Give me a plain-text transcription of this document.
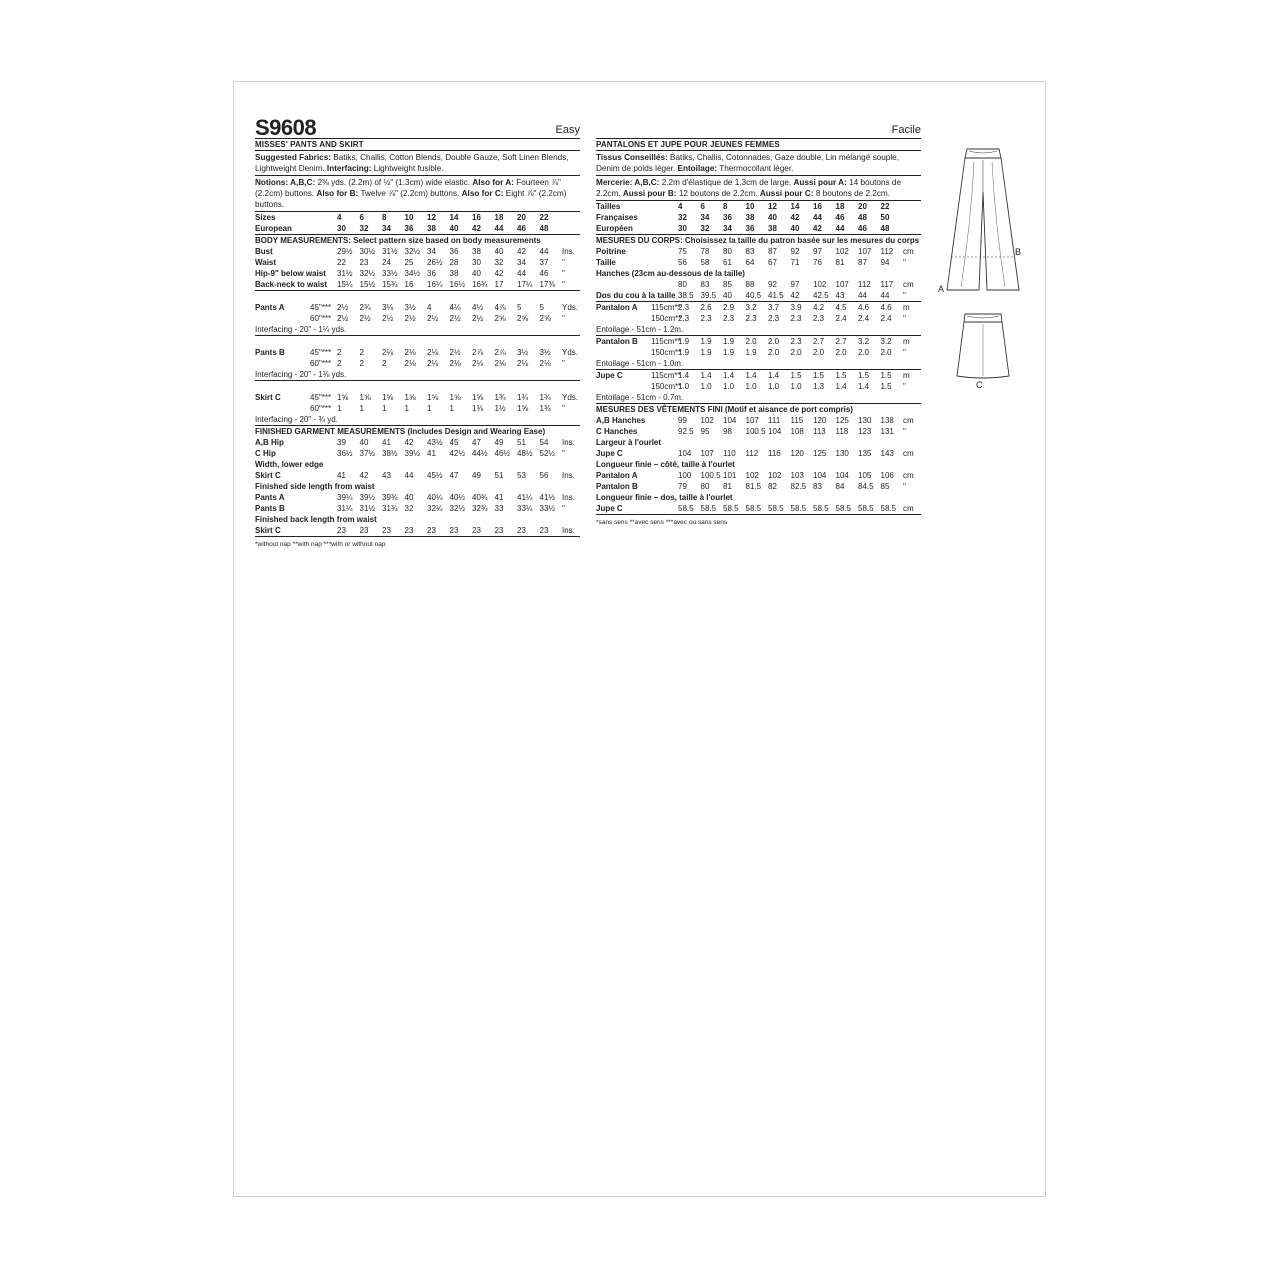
S9608	Easy
MISSES' PANTS AND SKIRT
Suggested Fabrics: Batiks, Challis, Cotton Blends, Double Gauze, Soft Linen Blends, Lightweight Denim. Interfacing: Lightweight fusible.
Notions: A,B,C: 2⅜ yds. (2.2m) of ½" (1.3cm) wide elastic. Also for A: Fourteen ⅞" (2.2cm) buttons. Also for B: Twelve ⅞" (2.2cm) buttons. Also for C: Eight ⅞" (2.2cm) buttons.
Sizes		4	6	8	10	12	14	16	18	20	22	
European		30	32	34	36	38	40	42	44	46	48	
BODY MEASUREMENTS: Select pattern size based on body measurements												
Bust		29½	30½	31½	32½	34	36	38	40	42	44	Ins.
Waist		22	23	24	25	26½	28	30	32	34	37	"
Hip-9" below waist		31½	32½	33½	34½	36	38	40	42	44	46	"
Back-neck to waist		15¼	15½	15¾	16	16¼	16½	16¾	17	17¼	17⅜	"

Pants A	45"***	2½	2¾	3⅛	3½	4	4¼	4½	4⅞	5	5	Yds.
	60"***	2½	2½	2½	2½	2½	2½	2½	2⅝	2⅝	2⅝	"
Interfacing - 20" - 1¼ yds.												

Pants B	45"***	2	2	2⅛	2⅛	2⅛	2½	2⅞	2⅞	3½	3½	Yds.
	60"***	2	2	2	2⅛	2⅛	2⅛	2⅛	2⅛	2⅛	2⅛	"
Interfacing - 20" - 1⅛ yds.												

Skirt C	45"***	1⅝	1⅝	1⅝	1⅝	1⅝	1⅝	1⅝	1¾	1¾	1¾	Yds.
	60"***	1	1	1	1	1	1	1⅜	1½	1⅝	1¾	"
Interfacing - 20" - ¾ yd.												
FINISHED GARMENT MEASUREMENTS (Includes Design and Wearing Ease)												
A,B Hip		39	40	41	42	43½	45	47	49	51	54	Ins.
C Hip		36½	37½	38½	39½	41	42½	44½	46½	48½	52½	"
Width, lower edge												
Skirt C		41	42	43	44	45½	47	49	51	53	56	Ins.
Finished side length from waist												
Pants A		39¼	39½	39¾	40	40¼	40½	40¾	41	41¼	41½	Ins.
Pants B		31¼	31½	31¾	32	32¼	32½	32¾	33	33¼	33½	"
Finished back length from waist												
Skirt C		23	23	23	23	23	23	23	23	23	23	Ins.
*without nap **with nap ***with or without nap
Facile
PANTALONS ET JUPE POUR JEUNES FEMMES
Tissus Conseillés: Batiks, Challis, Cotonnades, Gaze double, Lin mélangé souple, Denim de poids léger. Entoilage: Thermocollant léger.
Mercerie: A,B,C: 2.2m d'élastique de 1.3cm de large. Aussi pour A: 14 boutons de 2.2cm. Aussi pour B: 12 boutons de 2.2cm. Aussi pour C: 8 boutons de 2.2cm.
Tailles		4	6	8	10	12	14	16	18	20	22	
Françaises		32	34	36	38	40	42	44	46	48	50	
Européen		30	32	34	36	38	40	42	44	46	48	
MESURES DU CORPS: Choisissez la taille du patron basée sur les mesures du corps												
Poitrine		75	78	80	83	87	92	97	102	107	112	cm
Taille		56	58	61	64	67	71	76	81	87	94	"
Hanches (23cm au-dessous de la taille)												
		80	83	85	88	92	97	102	107	112	117	cm
Dos du cou à la taille		38.5	39.5	40	40.5	41.5	42	42.5	43	44	44	"
Pantalon A	115cm**	2.3	2.6	2.9	3.2	3.7	3.9	4.2	4.5	4.6	4.6	m
	150cm**	2.3	2.3	2.3	2.3	2.3	2.3	2.3	2.4	2.4	2.4	"
Entoilage - 51cm - 1.2m.												
Pantalon B	115cm**	1.9	1.9	1.9	2.0	2.0	2.3	2.7	2.7	3.2	3.2	m
	150cm**	1.9	1.9	1.9	1.9	2.0	2.0	2.0	2.0	2.0	2.0	"
Entoilage - 51cm - 1.0m.												
Jupe C	115cm**	1.4	1.4	1.4	1.4	1.4	1.5	1.5	1.5	1.5	1.5	m
	150cm**	1.0	1.0	1.0	1.0	1.0	1.0	1.3	1.4	1.4	1.5	"
Entoilage - 51cm - 0.7m.												
MESURES DES VÊTEMENTS FINI (Motif et aisance de port compris)												
A,B Hanches		99	102	104	107	111	115	120	125	130	138	cm
C Hanches		92.5	95	98	100.5	104	108	113	118	123	131	"
Largeur à l'ourlet												
Jupe C		104	107	110	112	116	120	125	130	135	143	cm
Longueur finie – côté, taille à l'ourlet												
Pantalon A		100	100.5	101	102	102	103	104	104	105	106	cm
Pantalon B		79	80	81	81.5	82	82.5	83	84	84.5	85	"
Longueur finie – dos, taille à l'ourlet												
Jupe C		58.5	58.5	58.5	58.5	58.5	58.5	58.5	58.5	58.5	58.5	cm
*sans sens **avec sens ***avec ou sans sens
A
B
C
